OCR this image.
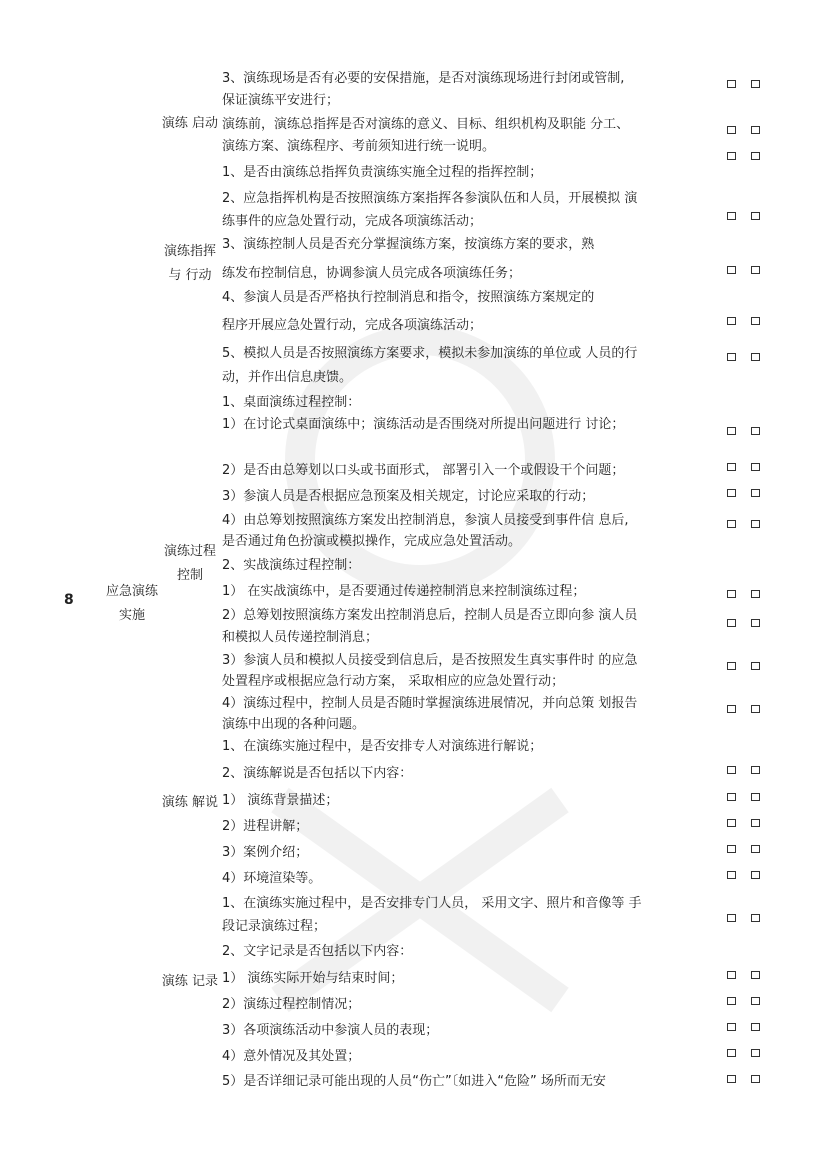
8
应急演练实施
演练 启动
演练指挥与 行动
演练过程控制
演练 解说
演练 记录
3、演练现场是否有必要的安保措施，是否对演练现场进行封闭或管制,
保证演练平安进行；
演练前，演练总指挥是否对演练的意义、目标、组织机构及职能 分工、
演练方案、演练程序、考前须知进行统一说明。
1、是否由演练总指挥负责演练实施全过程的指挥控制；
2、应急指挥机构是否按照演练方案指挥各参演队伍和人员，开展模拟 演
练事件的应急处置行动，完成各项演练活动；
3、演练控制人员是否充分掌握演练方案，按演练方案的要求，熟
练发布控制信息，协调参演人员完成各项演练任务；
4、参演人员是否严格执行控制消息和指令，按照演练方案规定的
程序开展应急处置行动，完成各项演练活动；
5、模拟人员是否按照演练方案要求，模拟未参加演练的单位或 人员的行
动，并作出信息庚馈。
1、桌面演练过程控制：
1）在讨论式桌面演练中；演练活动是否围绕对所提出问题进行 讨论；
2）是否由总筹划以口头或书面形式， 部署引入一个或假设干个问题；
3）参演人员是否根据应急预案及相关规定，讨论应采取的行动；
4）由总筹划按照演练方案发出控制消息，参演人员接受到事件信 息后,
是否通过角色扮演或模拟操作，完成应急处置活动。
2、实战演练过程控制：
1） 在实战演练中，是否要通过传递控制消息来控制演练过程；
2）总筹划按照演练方案发出控制消息后，控制人员是否立即向参 演人员
和模拟人员传递控制消息；
3）参演人员和模拟人员接受到信息后，是否按照发生真实事件时 的应急
处置程序或根据应急行动方案， 采取相应的应急处置行动；
4）演练过程中，控制人员是否随时掌握演练进展情况，并向总策 划报告
演练中出现的各种问题。
1、在演练实施过程中，是否安排专人对演练进行解说；
2、演练解说是否包括以下内容：
1） 演练背景描述；
2）进程讲解；
3）案例介绍；
4）环境渲染等。
1、在演练实施过程中，是否安排专门人员， 采用文字、照片和音像等 手
段记录演练过程；
2、文字记录是否包括以下内容：
1） 演练实际开始与结束时间；
2）演练过程控制情况；
3）各项演练活动中参演人员的表现；
4）意外情况及其处置；
5）是否详细记录可能出现的人员“伤亡”〔如进入“危险” 场所而无安
